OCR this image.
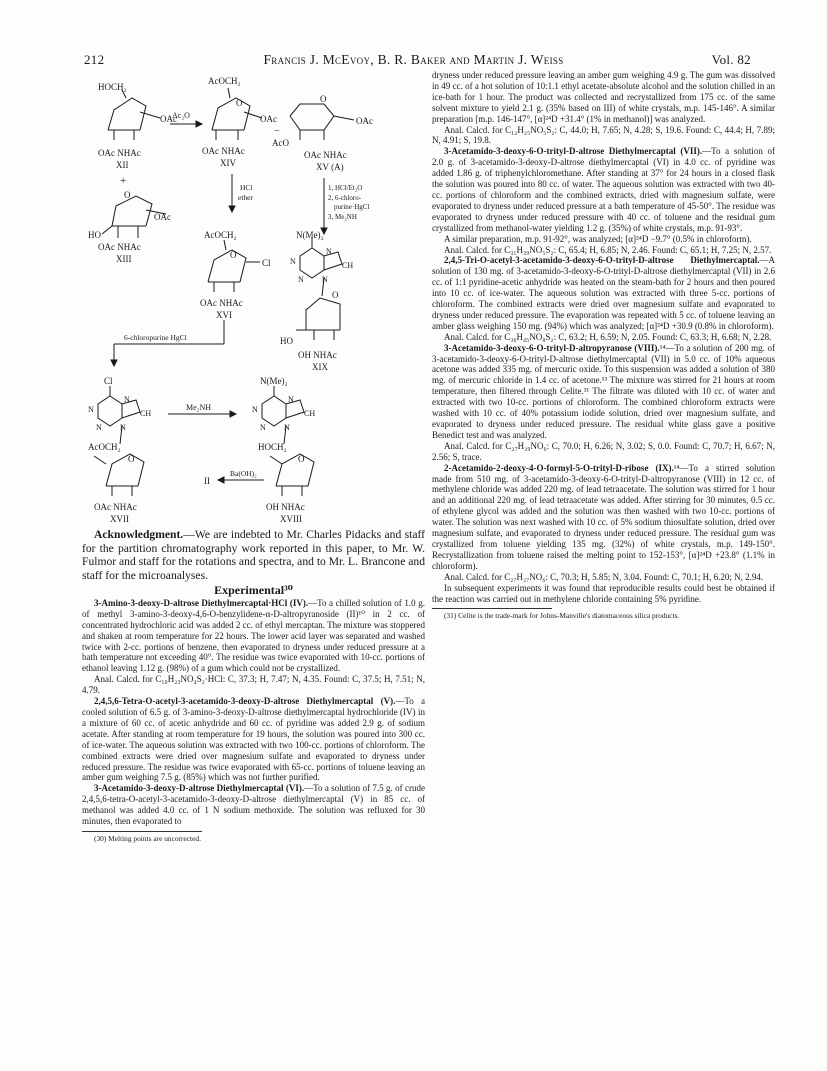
212	Francis J. McEvoy, B. R. Baker and Martin J. Weiss	Vol. 82
HOCH₂
OAc
OAc NHAc
XII
+
O
OAc
HO
OAc NHAc
XIII
Ac₂O
AcOCH₂
O
OAc
OAc NHAc
XIV
−
O
OAc
AcO
OAc NHAc
XV (A)
HCl
ether
1, HCl/Et₂O
2, 6-chloro-
purine·HgCl
3, Me₂NH
AcOCH₂
O
Cl
OAc NHAc
XVI
N(Me)₂
N
N
CH
N N
O
HO
OH NHAc
XIX
6-chloropurine HgCl
Cl
N
N
CH
N N
Me₂NH
N(Me)₂
N
N
CH
N N
AcOCH₂
O
OAc NHAc
XVII
Ba(OH)₂
II
HOCH₂
O
OH NHAc
XVIII

Acknowledgment.—We are indebted to Mr. Charles Pidacks and staff for the partition chromatography work reported in this paper, to Mr. W. Fulmor and staff for the rotations and spectra, and to Mr. L. Brancone and staff for the microanalyses.

Experimental³⁰

3-Amino-3-deoxy-D-altrose Diethylmercaptal·HCl (IV).—To a chilled solution of 1.0 g. of methyl 3-amino-3-deoxy-4,6-O-benzylidene-α-D-altropyranoside (II)¹⁰ in 2 cc. of concentrated hydrochloric acid was added 2 cc. of ethyl mercaptan. The mixture was stoppered and shaken at room temperature for 22 hours. The lower acid layer was separated and washed twice with 2-cc. portions of benzene, then evaporated to dryness under reduced pressure at a bath temperature not exceeding 40°. The residue was twice evaporated with 10-cc. portions of ethanol leaving 1.12 g. (98%) of a gum which could not be crystallized.

Anal. Calcd. for C₁₀H₂₃NO₄S₂·HCl: C, 37.3; H, 7.47; N, 4.35. Found: C, 37.5; H, 7.51; N, 4.79.

2,4,5,6-Tetra-O-acetyl-3-acetamido-3-deoxy-D-altrose Diethylmercaptal (V).—To a cooled solution of 6.5 g. of 3-amino-3-deoxy-D-altrose diethylmercaptal hydrochloride (IV) in a mixture of 60 cc. of acetic anhydride and 60 cc. of pyridine was added 2.9 g. of sodium acetate. After standing at room temperature for 19 hours, the solution was poured into 300 cc. of ice-water. The aqueous solution was extracted with two 100-cc. portions of chloroform. The combined extracts were dried over magnesium sulfate and evaporated to dryness under reduced pressure. The residue was twice evaporated with 65-cc. portions of toluene leaving an amber gum weighing 7.5 g. (85%) which was not further purified.

3-Acetamido-3-deoxy-D-altrose Diethylmercaptal (VI).—To a solution of 7.5 g. of crude 2,4,5,6-tetra-O-acetyl-3-acetamido-3-deoxy-D-altrose diethylmercaptal (V) in 85 cc. of methanol was added 4.0 cc. of 1 N sodium methoxide. The solution was refluxed for 30 minutes, then evaporated to

(30) Melting points are uncorrected.

dryness under reduced pressure leaving an amber gum weighing 4.9 g. The gum was dissolved in 49 cc. of a hot solution of 10:1.1 ethyl acetate-absolute alcohol and the solution chilled in an ice-bath for 1 hour. The product was collected and recrystallized from 175 cc. of the same solvent mixture to yield 2.1 g. (35% based on III) of white crystals, m.p. 145-146°. A similar preparation [m.p. 146-147°, [α]²⁴D +31.4° (1% in methanol)] was analyzed.

Anal. Calcd. for C₁₂H₂₅NO₅S₂: C, 44.0; H, 7.65; N, 4.28; S, 19.6. Found: C, 44.4; H, 7.89; N, 4.91; S, 19.8.

3-Acetamido-3-deoxy-6-O-trityl-D-altrose Diethylmercaptal (VII).—To a solution of 2.0 g. of 3-acetamido-3-deoxy-D-altrose diethylmercaptal (VI) in 4.0 cc. of pyridine was added 1.86 g. of triphenylchloromethane. After standing at 37° for 24 hours in a closed flask the solution was poured into 80 cc. of water. The aqueous solution was extracted with two 40-cc. portions of chloroform and the combined extracts, dried with magnesium sulfate, were evaporated to dryness under reduced pressure at a bath temperature of 45-50°. The residue was evaporated to dryness under reduced pressure with 40 cc. of toluene and the residual gum crystallized from methanol-water yielding 1.2 g. (35%) of white crystals, m.p. 91-93°.

A similar preparation, m.p. 91-92°, was analyzed; [α]²⁴D −9.7° (0.5% in chloroform).

Anal. Calcd. for C₃₁H₃₉NO₅S₂: C, 65.4; H, 6.85; N, 2.46. Found: C, 65.1; H, 7.25; N, 2.57.

2,4,5-Tri-O-acetyl-3-acetamido-3-deoxy-6-O-trityl-D-altrose Diethylmercaptal.—A solution of 130 mg. of 3-acetamido-3-deoxy-6-O-trityl-D-altrose diethylmercaptal (VII) in 2.6 cc. of 1:1 pyridine-acetic anhydride was heated on the steam-bath for 2 hours and then poured into 10 cc. of ice-water. The aqueous solution was extracted with three 5-cc. portions of chloroform. The combined extracts were dried over magnesium sulfate and evaporated to dryness under reduced pressure. The evaporation was repeated with 5 cc. of toluene leaving an amber glass weighing 150 mg. (94%) which was analyzed; [α]²⁴D +30.9 (0.8% in chloroform).

Anal. Calcd. for C₃₆H₄₅NO₈S₂: C, 63.2; H, 6.59; N, 2.05. Found: C, 63.3; H, 6.68; N, 2.28.

3-Acetamido-3-deoxy-6-O-trityl-D-altropyranose (VIII).¹⁴—To a solution of 200 mg. of 3-acetamido-3-deoxy-6-O-trityl-D-altrose diethylmercaptal (VII) in 5.0 cc. of 10% aqueous acetone was added 335 mg. of mercuric oxide. To this suspension was added a solution of 380 mg. of mercuric chloride in 1.4 cc. of acetone.¹³ The mixture was stirred for 21 hours at room temperature, then filtered through Celite.³¹ The filtrate was diluted with 10 cc. of water and extracted with two 10-cc. portions of chloroform. The combined chloroform extracts were washed with 10 cc. of 40% potassium iodide solution, dried over magnesium sulfate, and evaporated to dryness under reduced pressure. The residual white glass gave a positive Benedict test and was analyzed.

Anal. Calcd. for C₂₇H₂₉NO₆: C, 70.0; H, 6.26; N, 3.02; S, 0.0. Found: C, 70.7; H, 6.67; N, 2.56; S, trace.

2-Acetamido-2-deoxy-4-O-formyl-5-O-trityl-D-ribose (IX).¹⁴—To a stirred solution made from 510 mg. of 3-acetamido-3-deoxy-6-O-trityl-D-altropyranose (VIII) in 12 cc. of methylene chloride was added 220 mg. of lead tetraacetate. The solution was stirred for 1 hour and an additional 220 mg. of lead tetraacetate was added. After stirring for 30 minutes, 0.5 cc. of ethylene glycol was added and the solution was then washed with two 10-cc. portions of water. The solution was next washed with 10 cc. of 5% sodium thiosulfate solution, dried over magnesium sulfate, and evaporated to dryness under reduced pressure. The residual gum was crystallized from toluene yielding 135 mg. (32%) of white crystals, m.p. 149-150°. Recrystallization from toluene raised the melting point to 152-153°, [α]²⁴D +23.8° (1.1% in chloroform).

Anal. Calcd. for C₂₇H₂₇NO₆: C, 70.3; H, 5.85; N, 3.04. Found: C, 70.1; H, 6.20; N, 2.94.

In subsequent experiments it was found that reproducible results could best be obtained if the reaction was carried out in methylene chloride containing 5% pyridine.

(31) Celite is the trade-mark for Johns-Manville's diatomaceous silica products.
